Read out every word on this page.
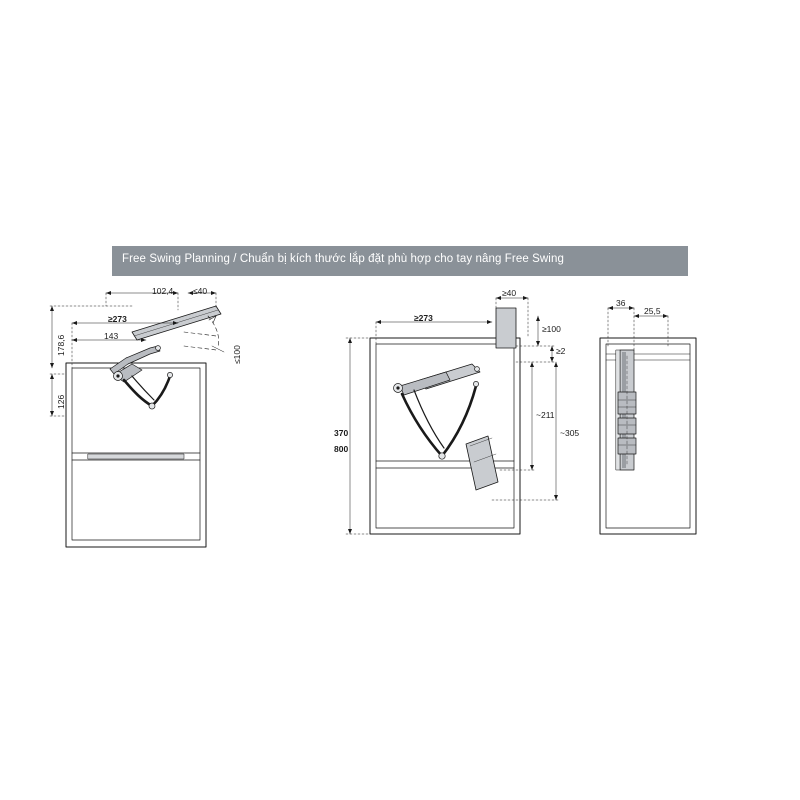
Free Swing Planning / Chuẩn bị kích thước lắp đặt phù hợp cho tay nâng Free Swing
102,4 ≤40
178,6
≥273
143
≤100
126
≥40
≥273
≥100
≥2
~211
~305
370
800
36
25,5
